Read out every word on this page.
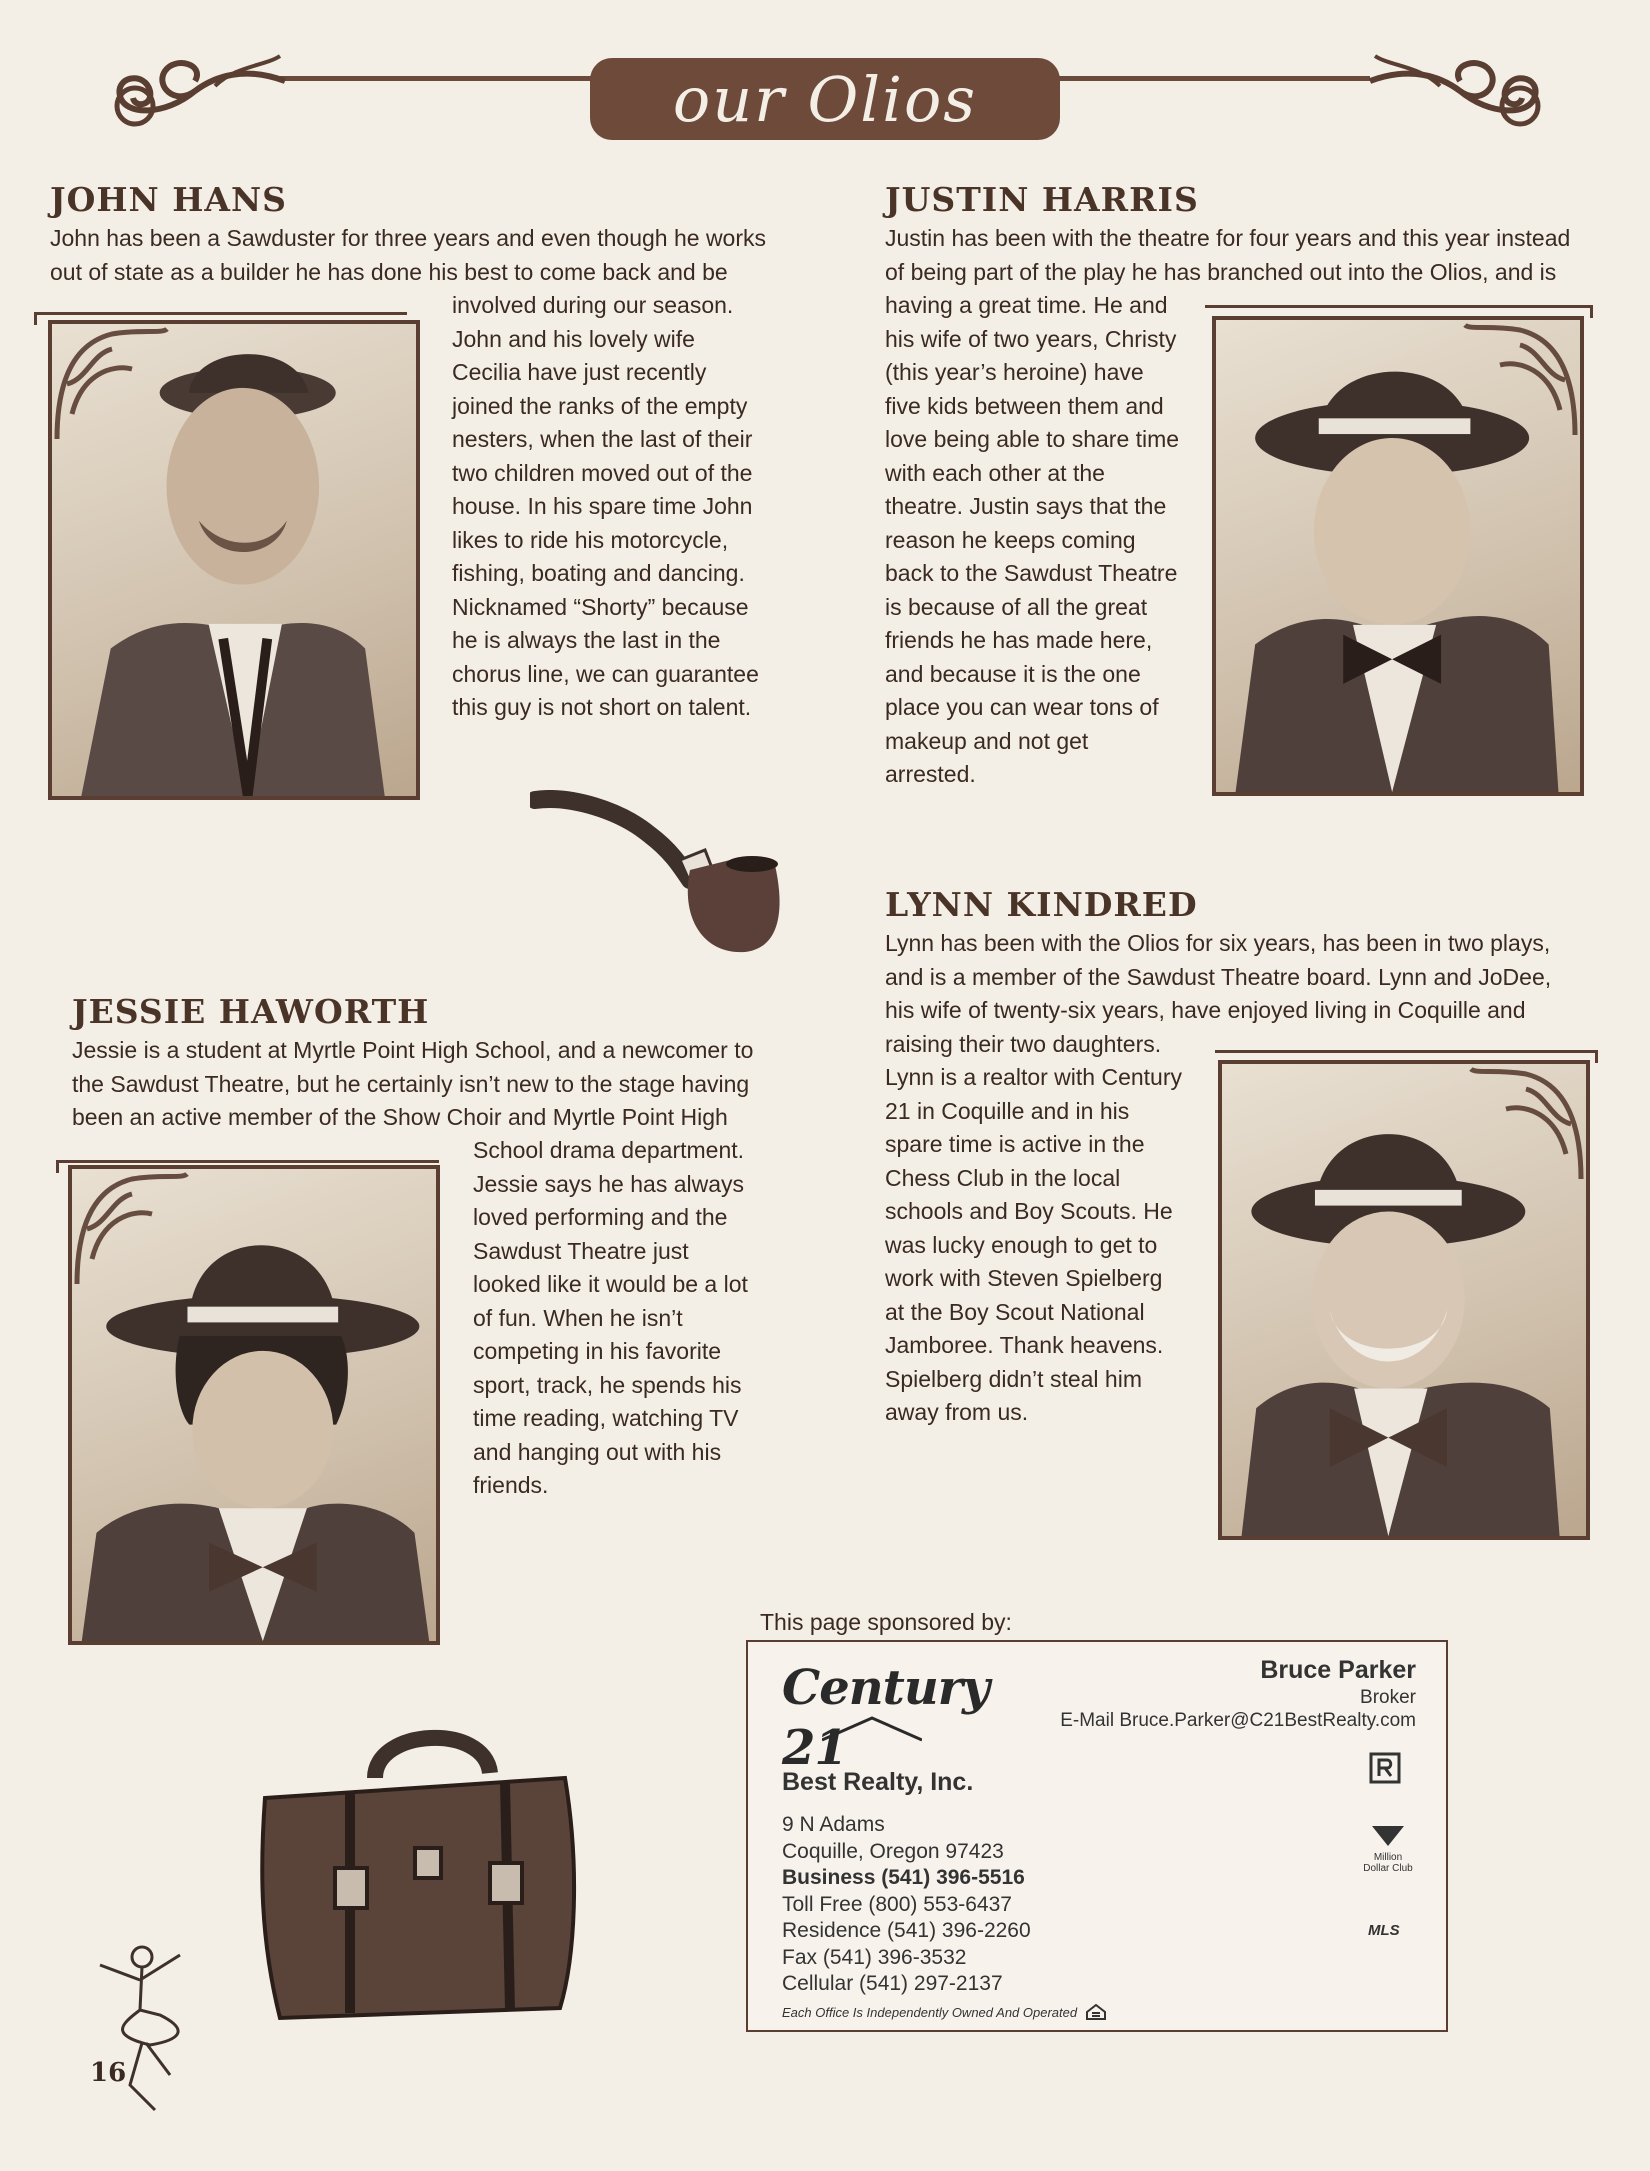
our Olios
JOHN HANS
John has been a Sawduster for three years and even though he works
out of state as a builder he has done his best to come back and be
involved during our season.
John and his lovely wife
Cecilia have just recently
joined the ranks of the empty
nesters, when the last of their
two children moved out of the
house. In his spare time John
likes to ride his motorcycle,
fishing, boating and dancing.
Nicknamed “Shorty” because
he is always the last in the
chorus line, we can guarantee
this guy is not short on talent.
JUSTIN HARRIS
Justin has been with the theatre for four years and this year instead
of being part of the play he has branched out into the Olios, and is
having a great time. He and
his wife of two years, Christy
(this year’s heroine) have
five kids between them and
love being able to share time
with each other at the
theatre. Justin says that the
reason he keeps coming
back to the Sawdust Theatre
is because of all the great
friends he has made here,
and because it is the one
place you can wear tons of
makeup and not get
arrested.
LYNN KINDRED
Lynn has been with the Olios for six years, has been in two plays,
and is a member of the Sawdust Theatre board. Lynn and JoDee,
his wife of twenty-six years, have enjoyed living in Coquille and
raising their two daughters.
Lynn is a realtor with Century
21 in Coquille and in his
spare time is active in the
Chess Club in the local
schools and Boy Scouts. He
was lucky enough to get to
work with Steven Spielberg
at the Boy Scout National
Jamboree. Thank heavens.
Spielberg didn’t steal him
away from us.
JESSIE HAWORTH
Jessie is a student at Myrtle Point High School, and a newcomer to
the Sawdust Theatre, but he certainly isn’t new to the stage having
been an active member of the Show Choir and Myrtle Point High
School drama department.
Jessie says he has always
loved performing and the
Sawdust Theatre just
looked like it would be a lot
of fun. When he isn’t
competing in his favorite
sport, track, he spends his
time reading, watching TV
and hanging out with his
friends.
16
This page sponsored by:
Century 21
Bruce Parker
Broker
E-Mail Bruce.Parker@C21BestRealty.com
Best Realty, Inc.
9 N Adams
Coquille, Oregon 97423
Business (541) 396-5516
Toll Free (800) 553-6437
Residence (541) 396-2260
Fax (541) 396-3532
Cellular (541) 297-2137
Each Office Is Independently Owned And Operated
Million Dollar Club
MLS
